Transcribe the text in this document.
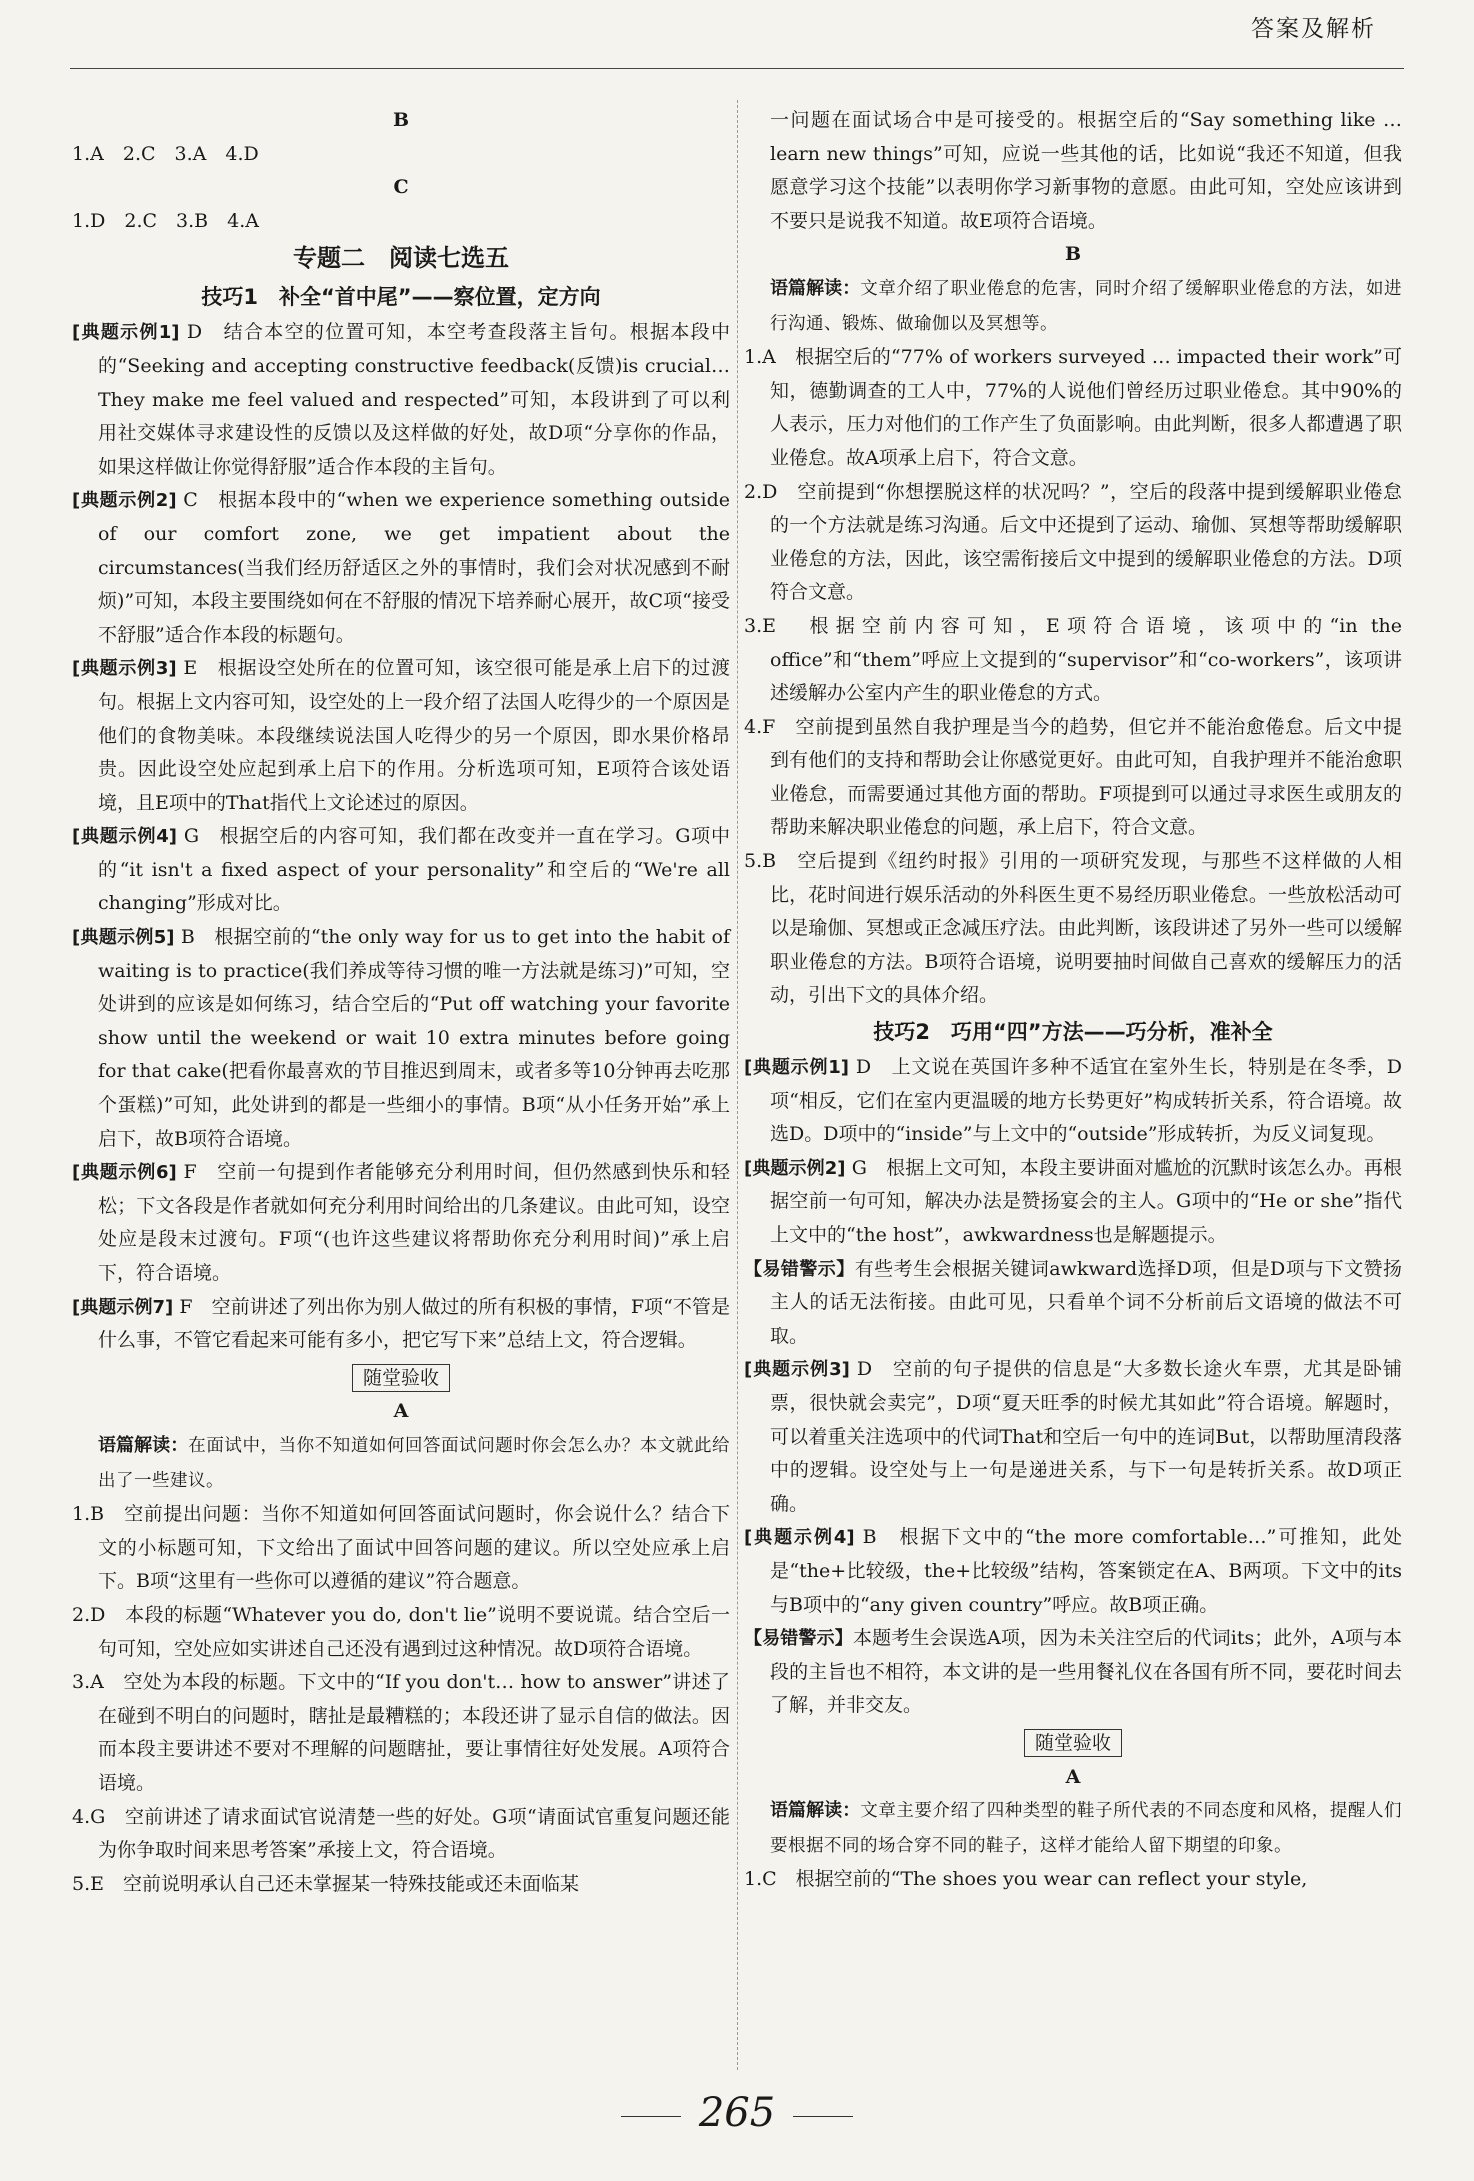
答案及解析

B

1.A　2.C　3.A　4.D

C

1.D　2.C　3.B　4.A

专题二　阅读七选五

技巧1　补全“首中尾”——察位置，定方向

[典题示例1] D　结合本空的位置可知，本空考查段落主旨句。根据本段中的“Seeking and accepting constructive feedback(反馈)is crucial… They make me feel valued and respected”可知，本段讲到了可以利用社交媒体寻求建设性的反馈以及这样做的好处，故D项“分享你的作品，如果这样做让你觉得舒服”适合作本段的主旨句。

[典题示例2] C　根据本段中的“when we experience something outside of our comfort zone, we get impatient about the circumstances(当我们经历舒适区之外的事情时，我们会对状况感到不耐烦)”可知，本段主要围绕如何在不舒服的情况下培养耐心展开，故C项“接受不舒服”适合作本段的标题句。

[典题示例3] E　根据设空处所在的位置可知，该空很可能是承上启下的过渡句。根据上文内容可知，设空处的上一段介绍了法国人吃得少的一个原因是他们的食物美味。本段继续说法国人吃得少的另一个原因，即水果价格昂贵。因此设空处应起到承上启下的作用。分析选项可知，E项符合该处语境，且E项中的That指代上文论述过的原因。

[典题示例4] G　根据空后的内容可知，我们都在改变并一直在学习。G项中的“it isn't a fixed aspect of your personality”和空后的“We're all changing”形成对比。

[典题示例5] B　根据空前的“the only way for us to get into the habit of waiting is to practice(我们养成等待习惯的唯一方法就是练习)”可知，空处讲到的应该是如何练习，结合空后的“Put off watching your favorite show until the weekend or wait 10 extra minutes before going for that cake(把看你最喜欢的节目推迟到周末，或者多等10分钟再去吃那个蛋糕)”可知，此处讲到的都是一些细小的事情。B项“从小任务开始”承上启下，故B项符合语境。

[典题示例6] F　空前一句提到作者能够充分利用时间，但仍然感到快乐和轻松；下文各段是作者就如何充分利用时间给出的几条建议。由此可知，设空处应是段末过渡句。F项“(也许这些建议将帮助你充分利用时间)”承上启下，符合语境。

[典题示例7] F　空前讲述了列出你为别人做过的所有积极的事情，F项“不管是什么事，不管它看起来可能有多小，把它写下来”总结上文，符合逻辑。

随堂验收

A

语篇解读：在面试中，当你不知道如何回答面试问题时你会怎么办？本文就此给出了一些建议。

1.B　空前提出问题：当你不知道如何回答面试问题时，你会说什么？结合下文的小标题可知，下文给出了面试中回答问题的建议。所以空处应承上启下。B项“这里有一些你可以遵循的建议”符合题意。

2.D　本段的标题“Whatever you do, don't lie”说明不要说谎。结合空后一句可知，空处应如实讲述自己还没有遇到过这种情况。故D项符合语境。

3.A　空处为本段的标题。下文中的“If you don't… how to answer”讲述了在碰到不明白的问题时，瞎扯是最糟糕的；本段还讲了显示自信的做法。因而本段主要讲述不要对不理解的问题瞎扯，要让事情往好处发展。A项符合语境。

4.G　空前讲述了请求面试官说清楚一些的好处。G项“请面试官重复问题还能为你争取时间来思考答案”承接上文，符合语境。

5.E　空前说明承认自己还未掌握某一特殊技能或还未面临某

一问题在面试场合中是可接受的。根据空后的“Say something like … learn new things”可知，应说一些其他的话，比如说“我还不知道，但我愿意学习这个技能”以表明你学习新事物的意愿。由此可知，空处应该讲到不要只是说我不知道。故E项符合语境。

B

语篇解读：文章介绍了职业倦怠的危害，同时介绍了缓解职业倦怠的方法，如进行沟通、锻炼、做瑜伽以及冥想等。

1.A　根据空后的“77% of workers surveyed … impacted their work”可知，德勤调查的工人中，77%的人说他们曾经历过职业倦怠。其中90%的人表示，压力对他们的工作产生了负面影响。由此判断，很多人都遭遇了职业倦怠。故A项承上启下，符合文意。

2.D　空前提到“你想摆脱这样的状况吗？”，空后的段落中提到缓解职业倦怠的一个方法就是练习沟通。后文中还提到了运动、瑜伽、冥想等帮助缓解职业倦怠的方法，因此，该空需衔接后文中提到的缓解职业倦怠的方法。D项符合文意。

3.E　根据空前内容可知，E项符合语境，该项中的“in the office”和“them”呼应上文提到的“supervisor”和“co-workers”，该项讲述缓解办公室内产生的职业倦怠的方式。

4.F　空前提到虽然自我护理是当今的趋势，但它并不能治愈倦怠。后文中提到有他们的支持和帮助会让你感觉更好。由此可知，自我护理并不能治愈职业倦怠，而需要通过其他方面的帮助。F项提到可以通过寻求医生或朋友的帮助来解决职业倦怠的问题，承上启下，符合文意。

5.B　空后提到《纽约时报》引用的一项研究发现，与那些不这样做的人相比，花时间进行娱乐活动的外科医生更不易经历职业倦怠。一些放松活动可以是瑜伽、冥想或正念减压疗法。由此判断，该段讲述了另外一些可以缓解职业倦怠的方法。B项符合语境，说明要抽时间做自己喜欢的缓解压力的活动，引出下文的具体介绍。

技巧2　巧用“四”方法——巧分析，准补全

[典题示例1] D　上文说在英国许多种不适宜在室外生长，特别是在冬季，D项“相反，它们在室内更温暖的地方长势更好”构成转折关系，符合语境。故选D。D项中的“inside”与上文中的“outside”形成转折，为反义词复现。

[典题示例2] G　根据上文可知，本段主要讲面对尴尬的沉默时该怎么办。再根据空前一句可知，解决办法是赞扬宴会的主人。G项中的“He or she”指代上文中的“the host”，awkwardness也是解题提示。

【易错警示】有些考生会根据关键词awkward选择D项，但是D项与下文赞扬主人的话无法衔接。由此可见，只看单个词不分析前后文语境的做法不可取。

[典题示例3] D　空前的句子提供的信息是“大多数长途火车票，尤其是卧铺票，很快就会卖完”，D项“夏天旺季的时候尤其如此”符合语境。解题时，可以着重关注选项中的代词That和空后一句中的连词But，以帮助厘清段落中的逻辑。设空处与上一句是递进关系，与下一句是转折关系。故D项正确。

[典题示例4] B　根据下文中的“the more comfortable…”可推知，此处是“the+比较级，the+比较级”结构，答案锁定在A、B两项。下文中的its与B项中的“any given country”呼应。故B项正确。

【易错警示】本题考生会误选A项，因为未关注空后的代词its；此外，A项与本段的主旨也不相符，本文讲的是一些用餐礼仪在各国有所不同，要花时间去了解，并非交友。

随堂验收

A

语篇解读：文章主要介绍了四种类型的鞋子所代表的不同态度和风格，提醒人们要根据不同的场合穿不同的鞋子，这样才能给人留下期望的印象。

1.C　根据空前的“The shoes you wear can reflect your style,

265
